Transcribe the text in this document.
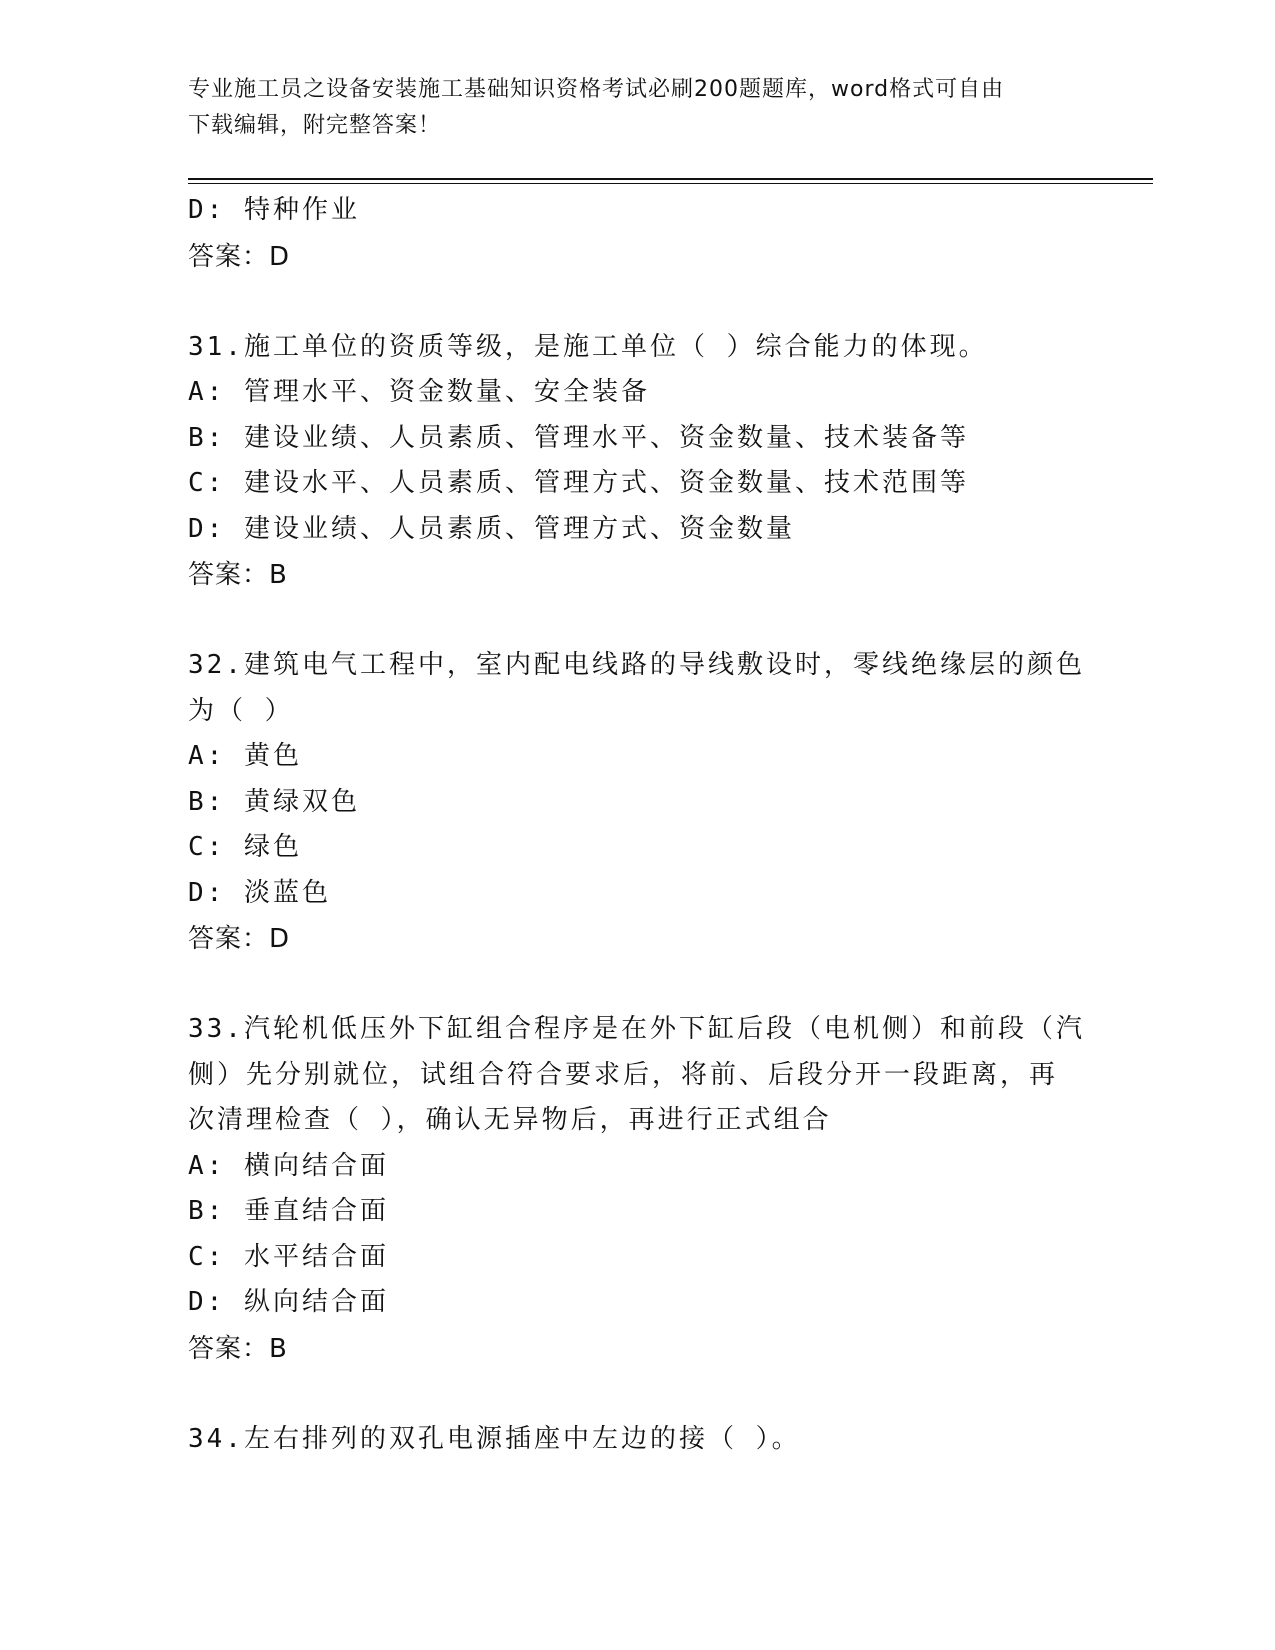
专业施工员之设备安装施工基础知识资格考试必刷200题题库，word格式可自由
下载编辑，附完整答案！
D: 特种作业
答案：D
31.施工单位的资质等级，是施工单位（ ）综合能力的体现。
A: 管理水平、资金数量、安全装备
B: 建设业绩、人员素质、管理水平、资金数量、技术装备等
C: 建设水平、人员素质、管理方式、资金数量、技术范围等
D: 建设业绩、人员素质、管理方式、资金数量
答案：B
32.建筑电气工程中，室内配电线路的导线敷设时，零线绝缘层的颜色
为（ ）
A: 黄色
B: 黄绿双色
C: 绿色
D: 淡蓝色
答案：D
33.汽轮机低压外下缸组合程序是在外下缸后段（电机侧）和前段（汽
侧）先分别就位，试组合符合要求后，将前、后段分开一段距离，再
次清理检查（ ），确认无异物后，再进行正式组合
A: 横向结合面
B: 垂直结合面
C: 水平结合面
D: 纵向结合面
答案：B
34.左右排列的双孔电源插座中左边的接（ ）。
